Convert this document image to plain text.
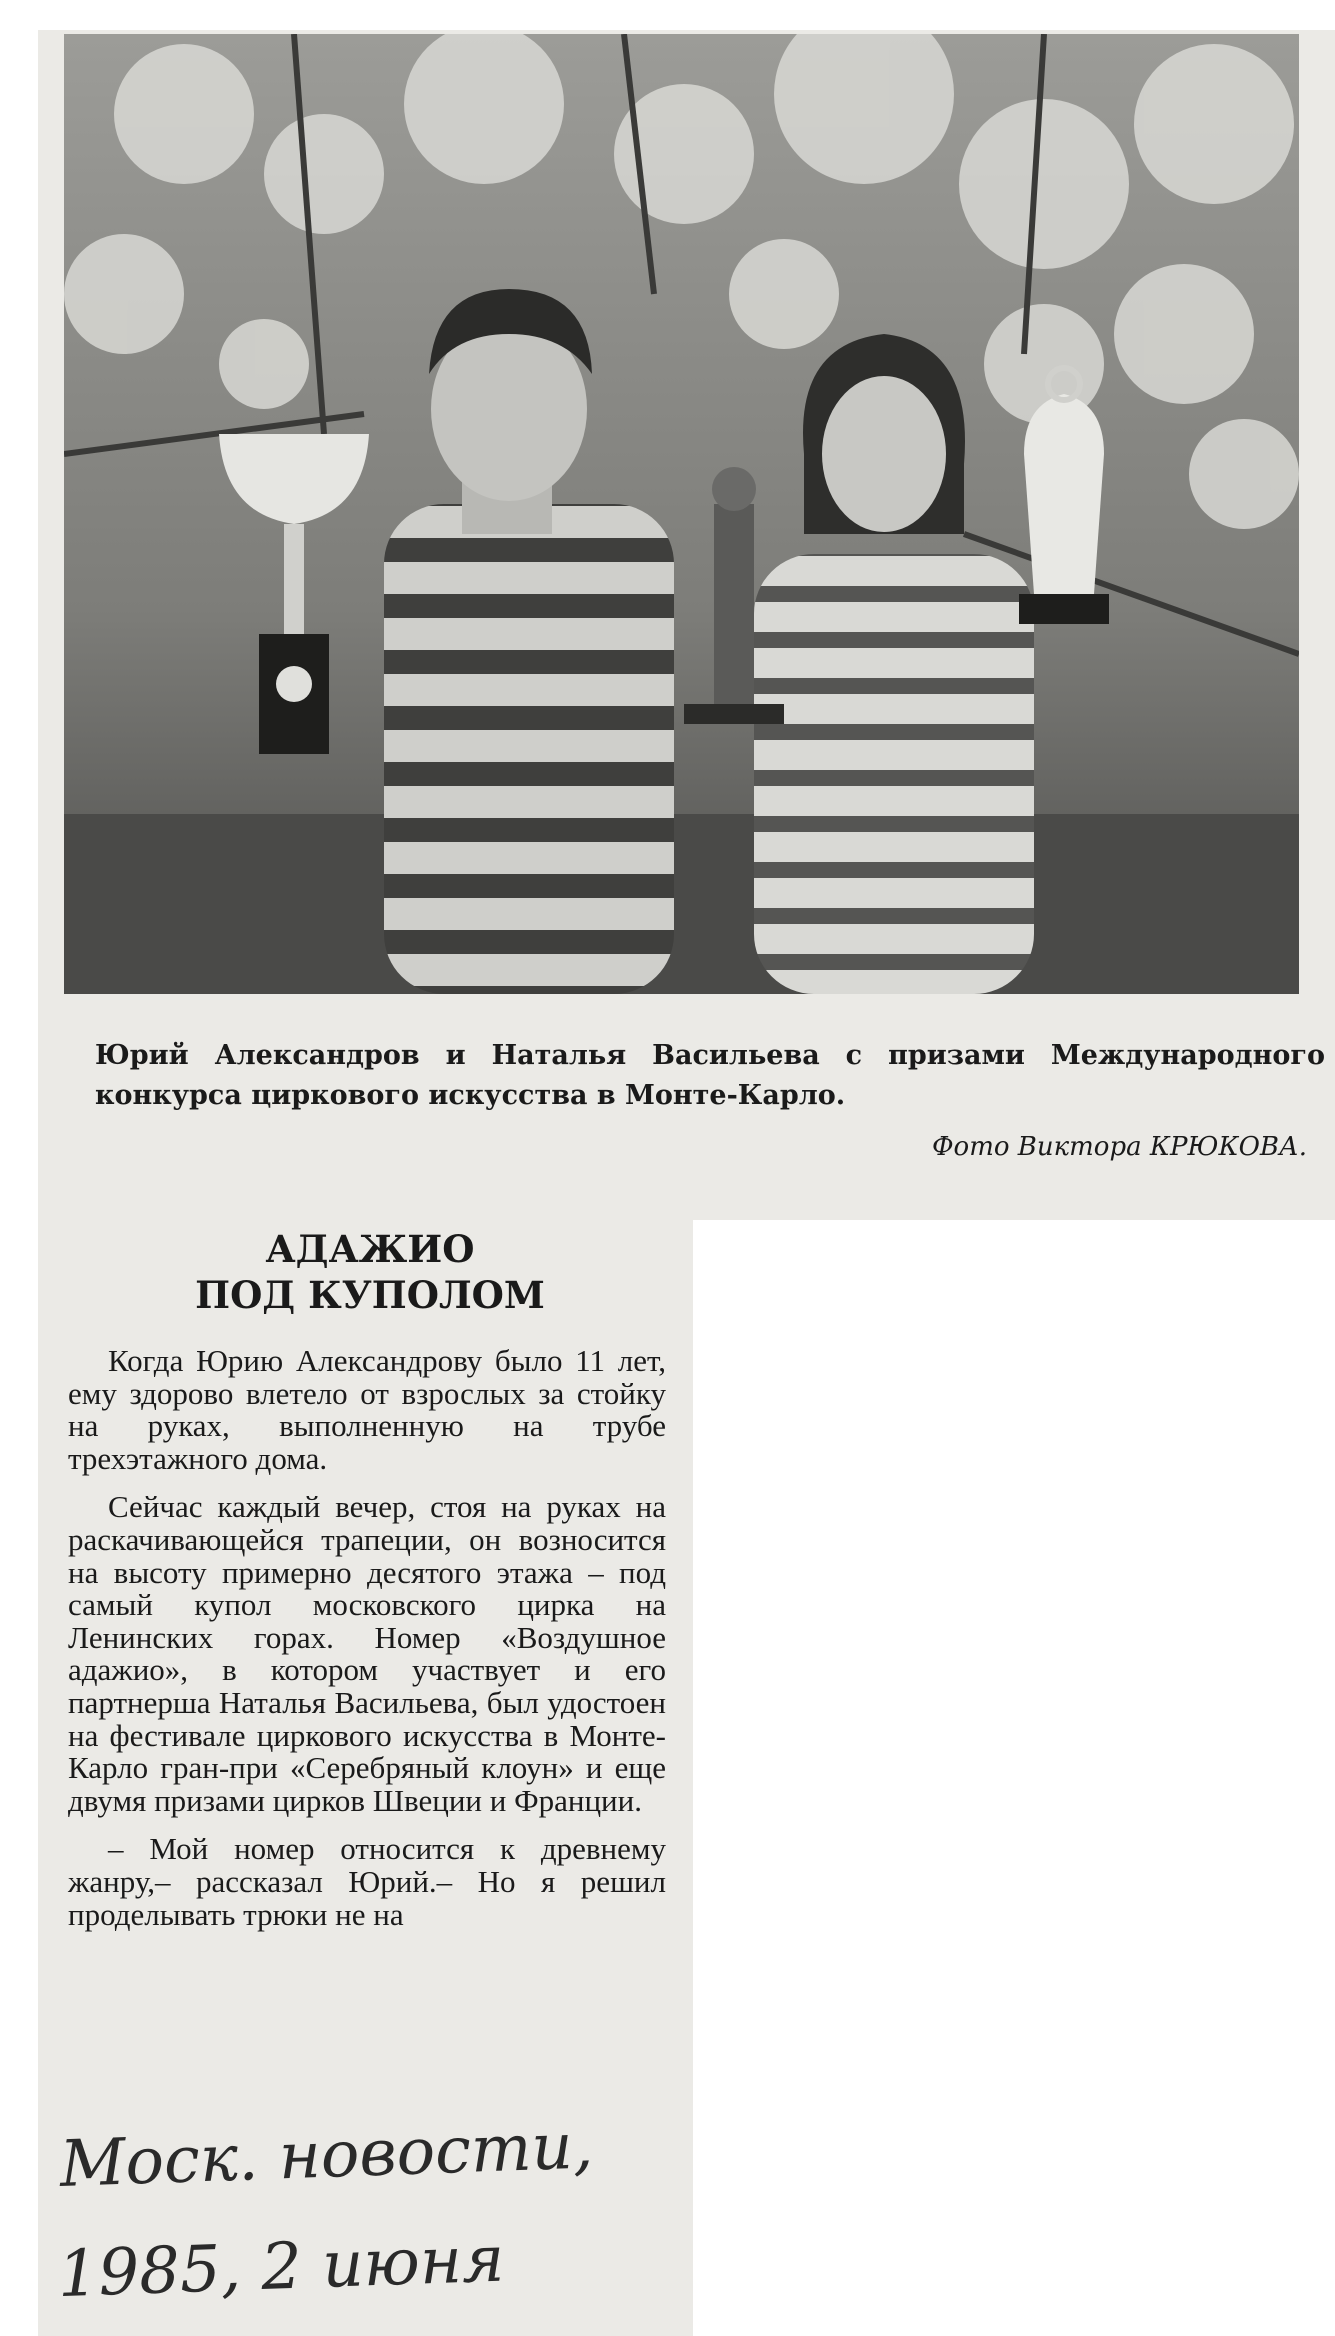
Юрий Александров и Наталья Васильева с призами Международного конкурса циркового искусства в Монте-Карло.

Фото Виктора КРЮКОВА.

АДАЖИО
ПОД КУПОЛОМ

Когда Юрию Александрову было 11 лет, ему здорово влетело от взрослых за стойку на руках, выполненную на трубе трехэтажного дома.

Сейчас каждый вечер, стоя на руках на раскачивающейся трапеции, он возносится на высоту примерно десятого этажа – под самый купол московского цирка на Ленинских горах. Номер «Воздушное адажио», в котором участвует и его партнерша Наталья Васильева, был удостоен на фестивале циркового искусства в Монте-Карло гран-при «Серебряный клоун» и еще двумя призами цирков Швеции и Франции.

– Мой номер относится к древнему жанру,– рассказал Юрий.– Но я решил проделывать трюки не на

Моск. новости,
1985, 2 июня
